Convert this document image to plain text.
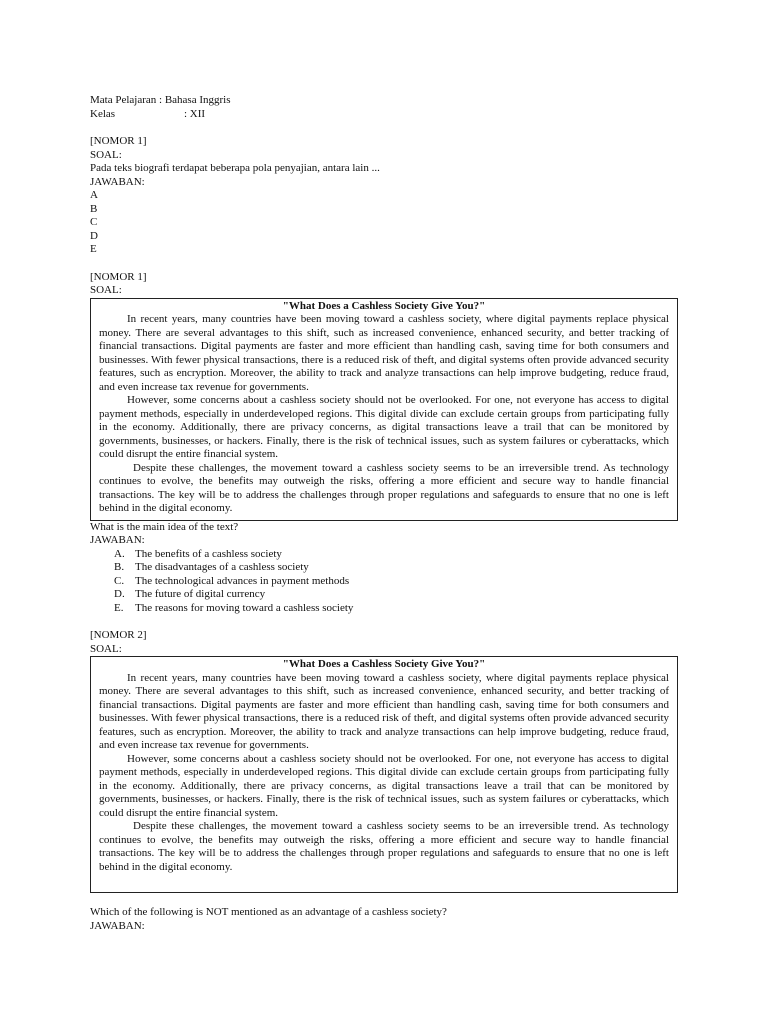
Mata Pelajaran : Bahasa Inggris
Kelas	: XII
[NOMOR 1]
SOAL:
Pada teks biografi terdapat beberapa pola penyajian, antara lain ...
JAWABAN:
A
B
C
D
E
[NOMOR 1]
SOAL:
"What Does a Cashless Society Give You?"

In recent years, many countries have been moving toward a cashless society, where digital payments replace physical money. There are several advantages to this shift, such as increased convenience, enhanced security, and better tracking of financial transactions. Digital payments are faster and more efficient than handling cash, saving time for both consumers and businesses. With fewer physical transactions, there is a reduced risk of theft, and digital systems often provide advanced security features, such as encryption. Moreover, the ability to track and analyze transactions can help improve budgeting, reduce fraud, and even increase tax revenue for governments.

However, some concerns about a cashless society should not be overlooked. For one, not everyone has access to digital payment methods, especially in underdeveloped regions. This digital divide can exclude certain groups from participating fully in the economy. Additionally, there are privacy concerns, as digital transactions leave a trail that can be monitored by governments, businesses, or hackers. Finally, there is the risk of technical issues, such as system failures or cyberattacks, which could disrupt the entire financial system.

Despite these challenges, the movement toward a cashless society seems to be an irreversible trend. As technology continues to evolve, the benefits may outweigh the risks, offering a more efficient and secure way to handle financial transactions. The key will be to address the challenges through proper regulations and safeguards to ensure that no one is left behind in the digital economy.

What is the main idea of the text?
JAWABAN:
A. The benefits of a cashless society
B. The disadvantages of a cashless society
C. The technological advances in payment methods
D. The future of digital currency
E.	The reasons for moving toward a cashless society
[NOMOR 2]
SOAL:
"What Does a Cashless Society Give You?"

In recent years, many countries have been moving toward a cashless society, where digital payments replace physical money. There are several advantages to this shift, such as increased convenience, enhanced security, and better tracking of financial transactions. Digital payments are faster and more efficient than handling cash, saving time for both consumers and businesses. With fewer physical transactions, there is a reduced risk of theft, and digital systems often provide advanced security features, such as encryption. Moreover, the ability to track and analyze transactions can help improve budgeting, reduce fraud, and even increase tax revenue for governments.

However, some concerns about a cashless society should not be overlooked. For one, not everyone has access to digital payment methods, especially in underdeveloped regions. This digital divide can exclude certain groups from participating fully in the economy. Additionally, there are privacy concerns, as digital transactions leave a trail that can be monitored by governments, businesses, or hackers. Finally, there is the risk of technical issues, such as system failures or cyberattacks, which could disrupt the entire financial system.

Despite these challenges, the movement toward a cashless society seems to be an irreversible trend. As technology continues to evolve, the benefits may outweigh the risks, offering a more efficient and secure way to handle financial transactions. The key will be to address the challenges through proper regulations and safeguards to ensure that no one is left behind in the digital economy.

Which of the following is NOT mentioned as an advantage of a cashless society?
JAWABAN:
